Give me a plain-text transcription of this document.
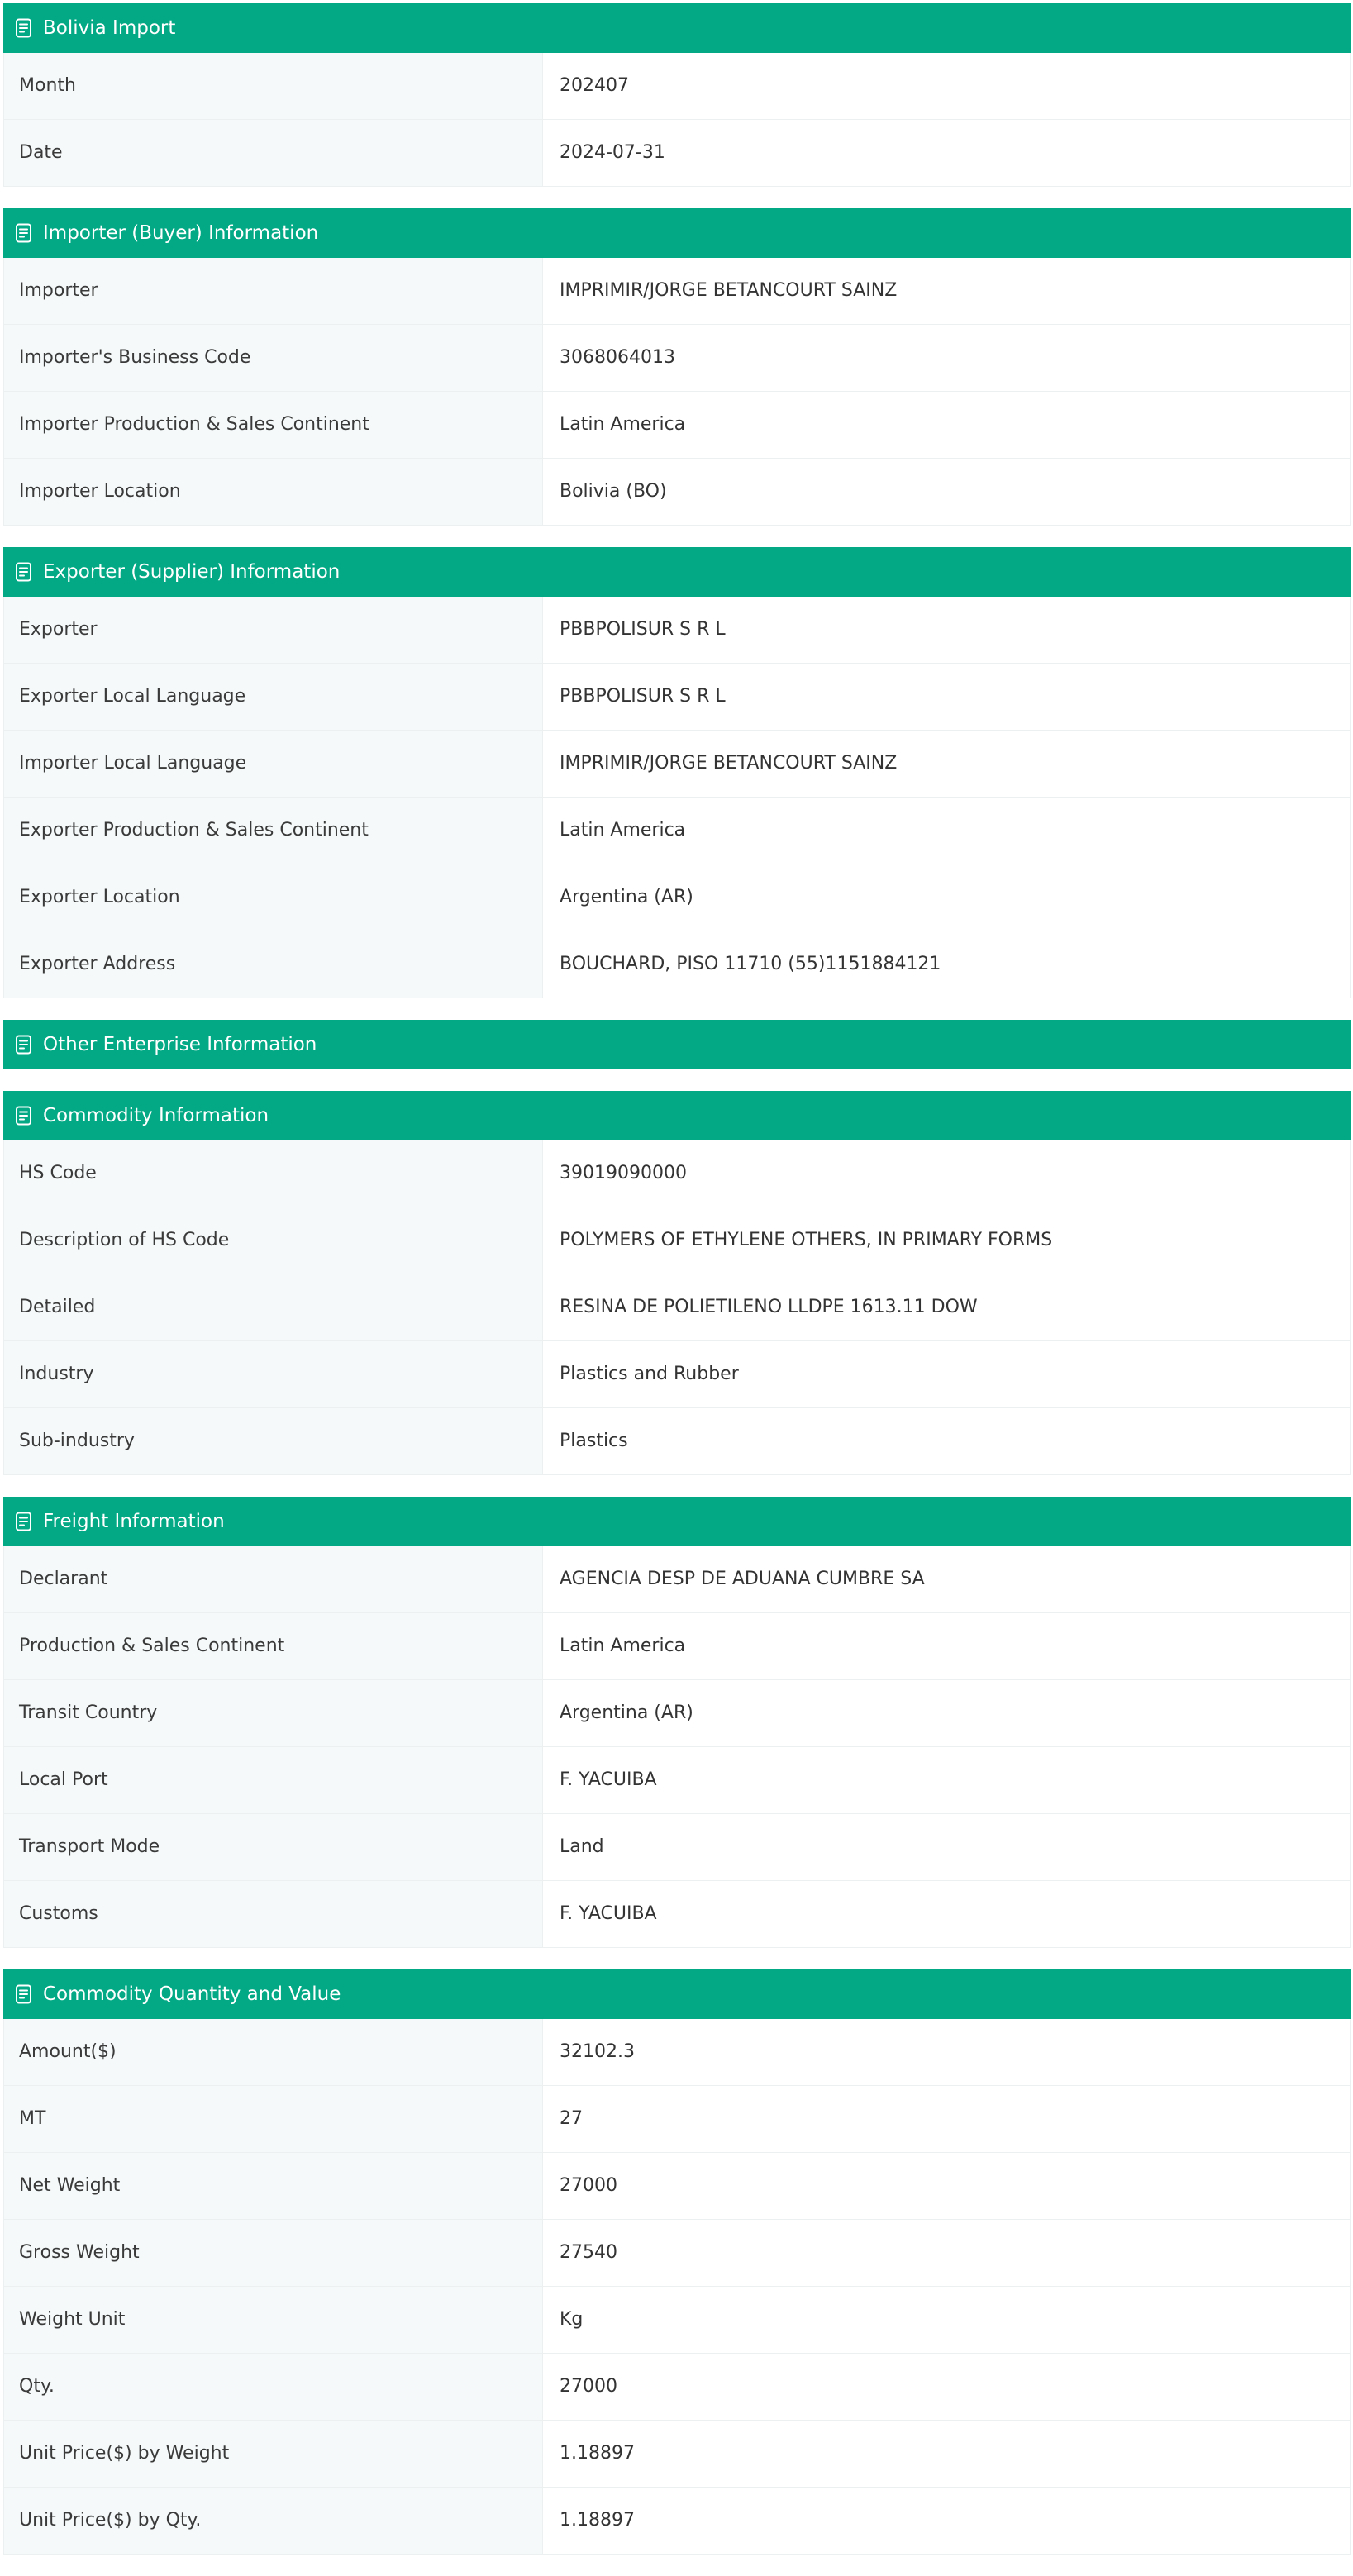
Bolivia Import
Month	202407
Date	2024-07-31
Importer (Buyer) Information
Importer	IMPRIMIR/JORGE BETANCOURT SAINZ
Importer's Business Code	3068064013
Importer Production & Sales Continent	Latin America
Importer Location	Bolivia (BO)
Exporter (Supplier) Information
Exporter	PBBPOLISUR S R L
Exporter Local Language	PBBPOLISUR S R L
Importer Local Language	IMPRIMIR/JORGE BETANCOURT SAINZ
Exporter Production & Sales Continent	Latin America
Exporter Location	Argentina (AR)
Exporter Address	BOUCHARD, PISO 11710 (55)1151884121
Other Enterprise Information
Commodity Information
HS Code	39019090000
Description of HS Code	POLYMERS OF ETHYLENE OTHERS, IN PRIMARY FORMS
Detailed	RESINA DE POLIETILENO LLDPE 1613.11 DOW
Industry	Plastics and Rubber
Sub-industry	Plastics
Freight Information
Declarant	AGENCIA DESP DE ADUANA CUMBRE SA
Production & Sales Continent	Latin America
Transit Country	Argentina (AR)
Local Port	F. YACUIBA
Transport Mode	Land
Customs	F. YACUIBA
Commodity Quantity and Value
Amount($)	32102.3
MT	27
Net Weight	27000
Gross Weight	27540
Weight Unit	Kg
Qty.	27000
Unit Price($) by Weight	1.18897
Unit Price($) by Qty.	1.18897
